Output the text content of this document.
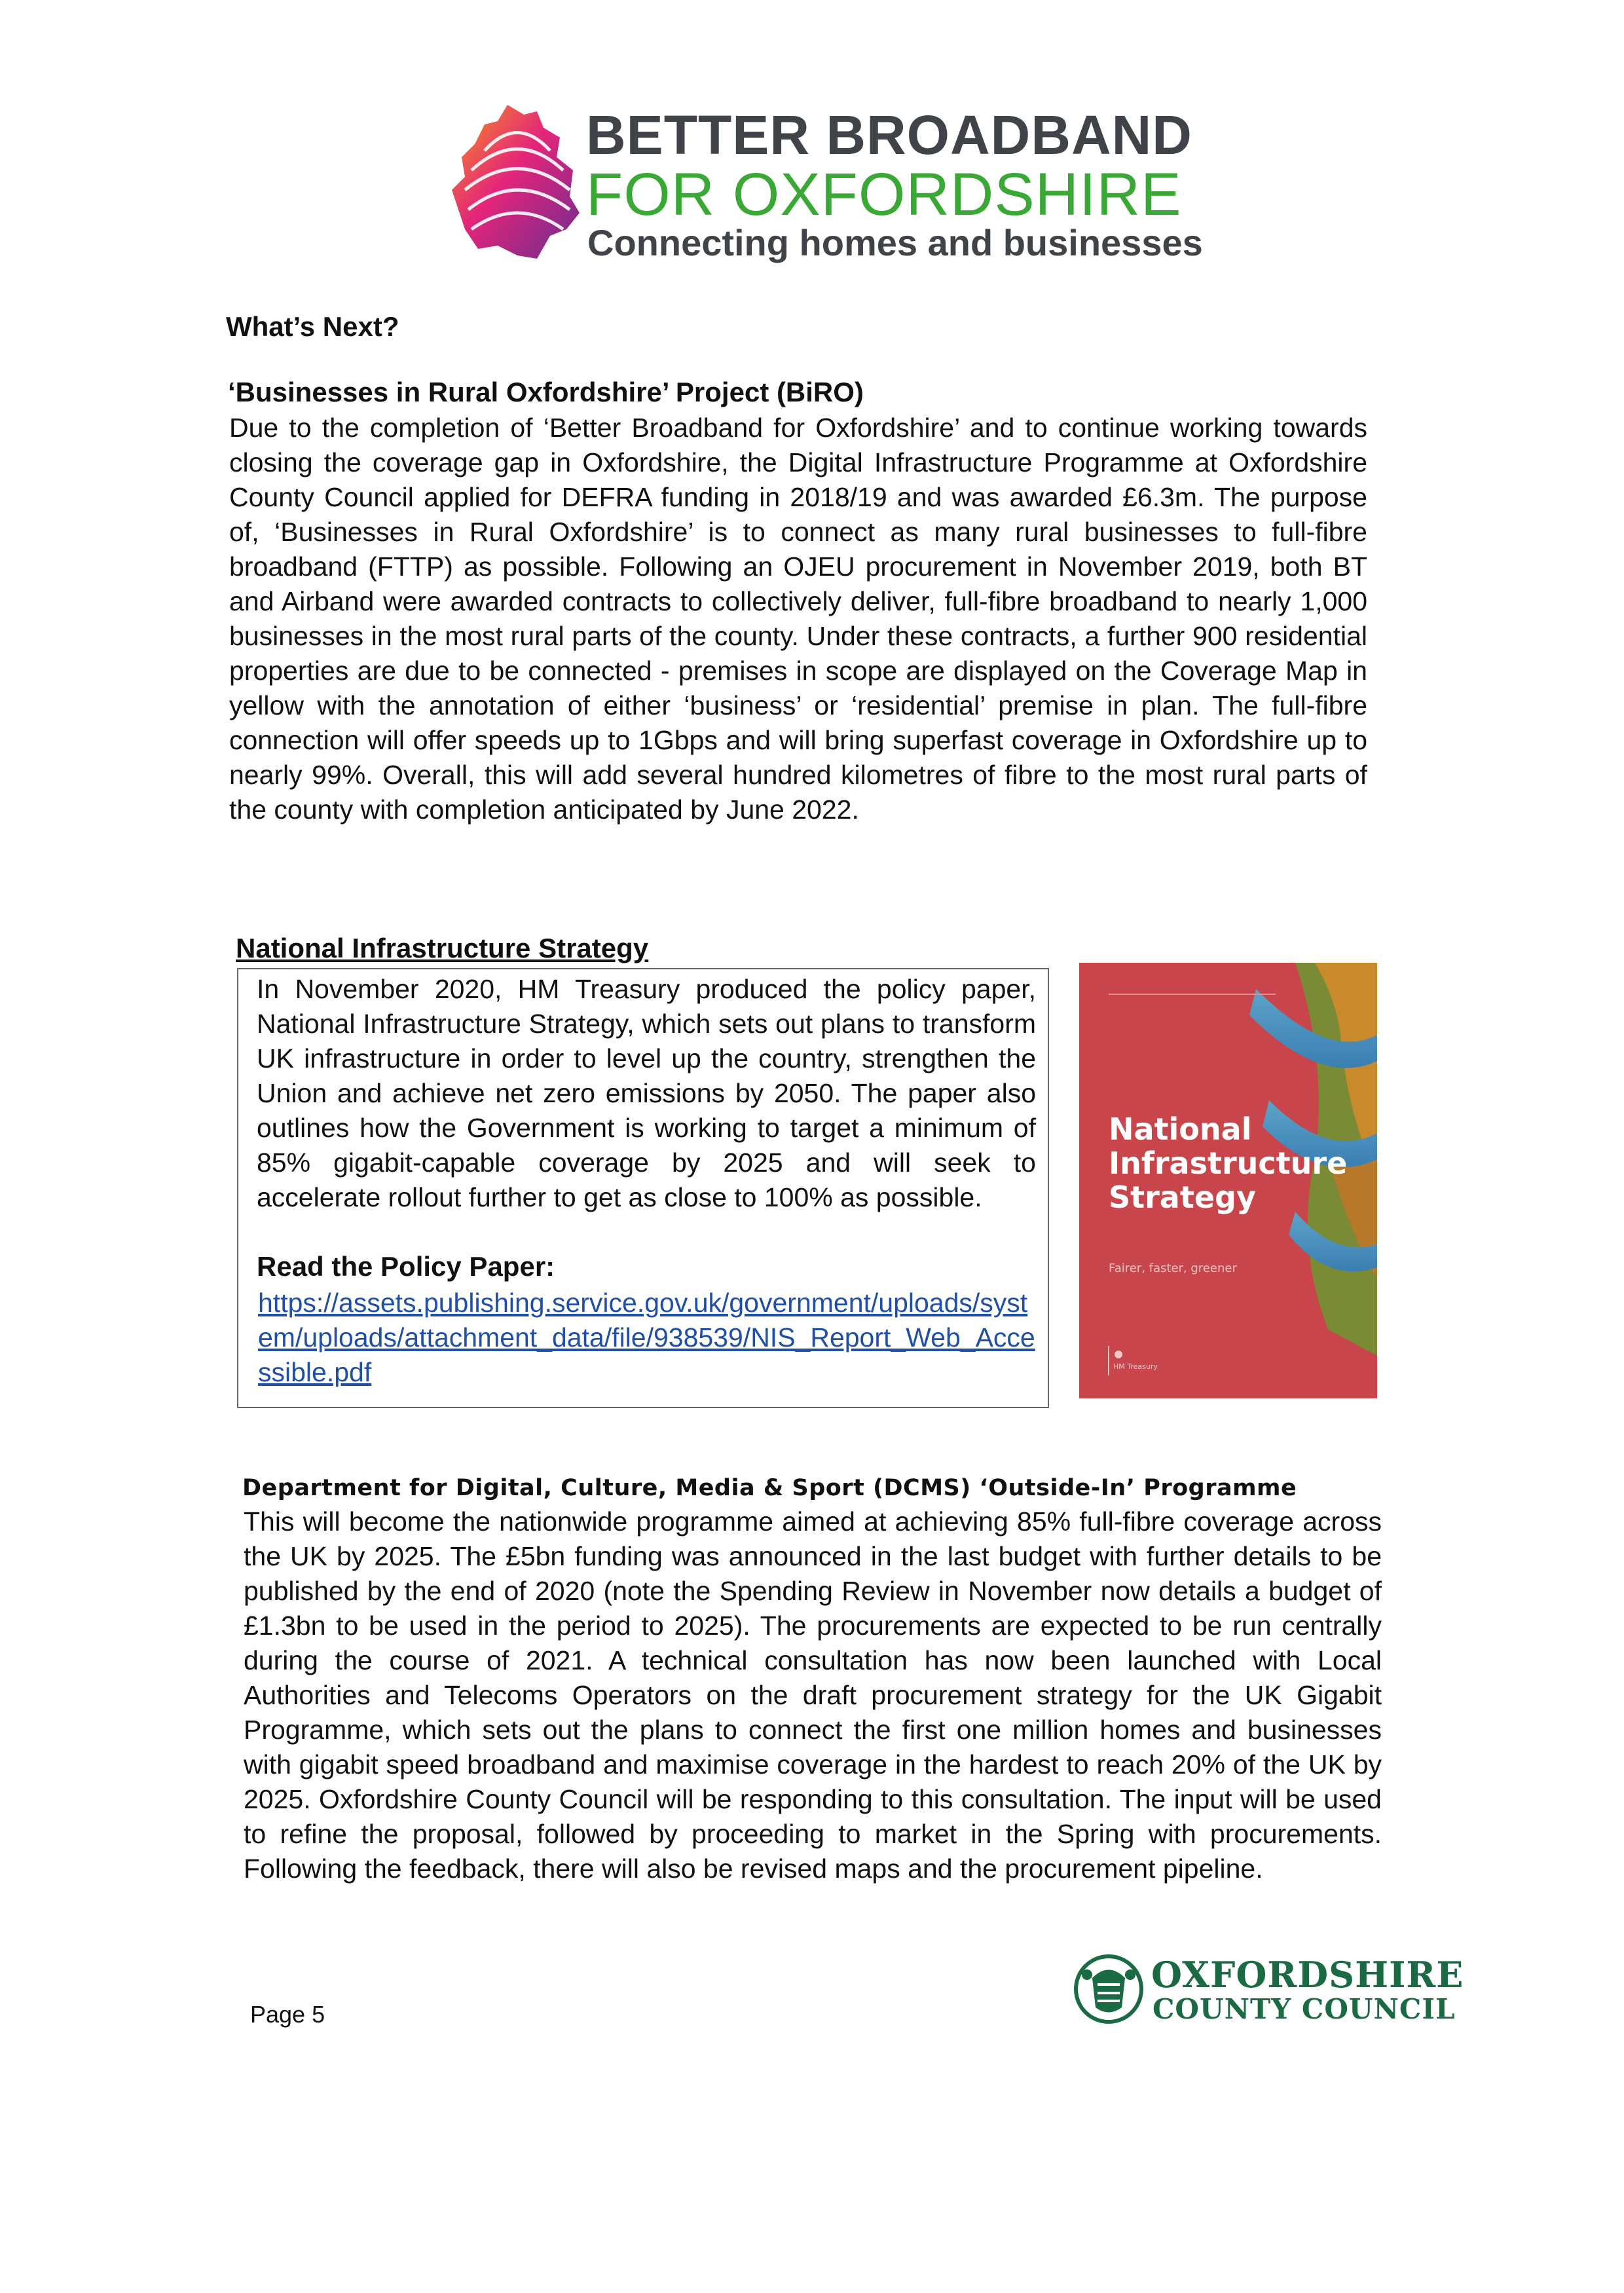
BETTER BROADBAND
FOR OXFORDSHIRE
Connecting homes and businesses
What’s Next?
‘Businesses in Rural Oxfordshire’ Project (BiRO)
Due to the completion of ‘Better Broadband for Oxfordshire’ and to continue working towards closing the coverage gap in Oxfordshire, the Digital Infrastructure Programme at Oxfordshire County Council applied for DEFRA funding in 2018/19 and was awarded £6.3m. The purpose of, ‘Businesses in Rural Oxfordshire’ is to connect as many rural businesses to full-fibre broadband (FTTP) as possible. Following an OJEU procurement in November 2019, both BT and Airband were awarded contracts to collectively deliver, full-fibre broadband to nearly 1,000 businesses in the most rural parts of the county. Under these contracts, a further 900 residential properties are due to be connected - premises in scope are displayed on the Coverage Map in yellow with the annotation of either ‘business’ or ‘residential’ premise in plan. The full-fibre connection will offer speeds up to 1Gbps and will bring superfast coverage in Oxfordshire up to nearly 99%. Overall, this will add several hundred kilometres of fibre to the most rural parts of the county with completion anticipated by June 2022.
National Infrastructure Strategy
In November 2020, HM Treasury produced the policy paper, National Infrastructure Strategy, which sets out plans to transform UK infrastructure in order to level up the country, strengthen the Union and achieve net zero emissions by 2050. The paper also outlines how the Government is working to target a minimum of 85% gigabit-capable coverage by 2025 and will seek to accelerate rollout further to get as close to 100% as possible.
Read the Policy Paper:
https://assets.publishing.service.gov.uk/government/uploads/system/uploads/attachment_data/file/938539/NIS_Report_Web_Accessible.pdf
National
Infrastructure
Strategy
Fairer, faster, greener
HM Treasury
Department for Digital, Culture, Media & Sport (DCMS) ‘Outside-In’ Programme
This will become the nationwide programme aimed at achieving 85% full-fibre coverage across the UK by 2025. The £5bn funding was announced in the last budget with further details to be published by the end of 2020 (note the Spending Review in November now details a budget of £1.3bn to be used in the period to 2025). The procurements are expected to be run centrally during the course of 2021. A technical consultation has now been launched with Local Authorities and Telecoms Operators on the draft procurement strategy for the UK Gigabit Programme, which sets out the plans to connect the first one million homes and businesses with gigabit speed broadband and maximise coverage in the hardest to reach 20% of the UK by 2025. Oxfordshire County Council will be responding to this consultation. The input will be used to refine the proposal, followed by proceeding to market in the Spring with procurements. Following the feedback, there will also be revised maps and the procurement pipeline.
Page 5
OXFORDSHIRE
COUNTY COUNCIL
